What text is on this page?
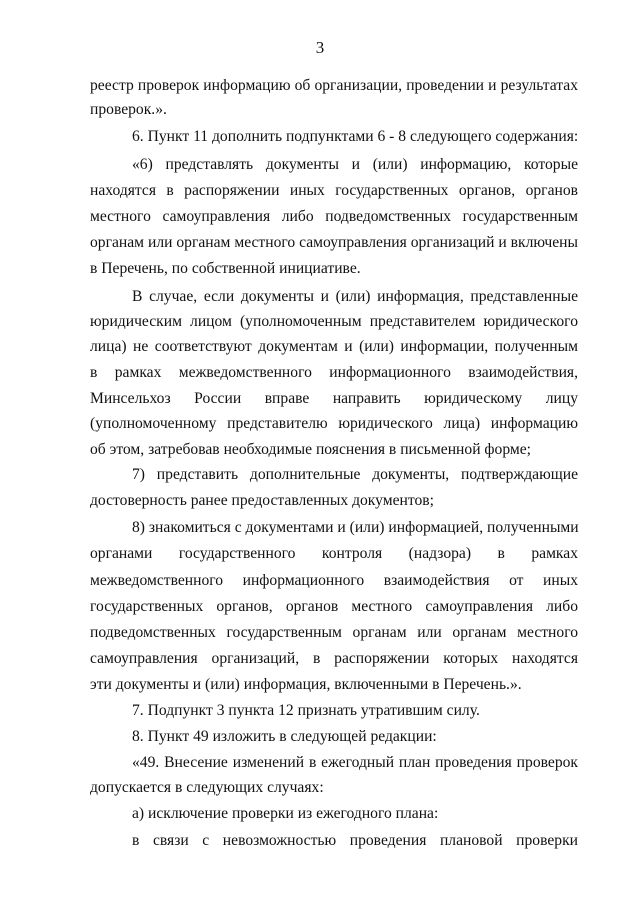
3
реестр проверок информацию об организации, проведении и результатах
проверок.».
6. Пункт 11 дополнить подпунктами 6 - 8 следующего содержания:
«6) представлять документы и (или) информацию, которые
находятся в распоряжении иных государственных органов, органов
местного самоуправления либо подведомственных государственным
органам или органам местного самоуправления организаций и включены
в Перечень, по собственной инициативе.
В случае, если документы и (или) информация, представленные
юридическим лицом (уполномоченным представителем юридического
лица) не соответствуют документам и (или) информации, полученным
в рамках межведомственного информационного взаимодействия,
Минсельхоз России вправе направить юридическому лицу
(уполномоченному представителю юридического лица) информацию
об этом, затребовав необходимые пояснения в письменной форме;
7) представить дополнительные документы, подтверждающие
достоверность ранее предоставленных документов;
8) знакомиться с документами и (или) информацией, полученными
органами государственного контроля (надзора) в рамках
межведомственного информационного взаимодействия от иных
государственных органов, органов местного самоуправления либо
подведомственных государственным органам или органам местного
самоуправления организаций, в распоряжении которых находятся
эти документы и (или) информация, включенными в Перечень.».
7. Подпункт 3 пункта 12 признать утратившим силу.
8. Пункт 49 изложить в следующей редакции:
«49. Внесение изменений в ежегодный план проведения проверок
допускается в следующих случаях:
а) исключение проверки из ежегодного плана:
в связи с невозможностью проведения плановой проверки
